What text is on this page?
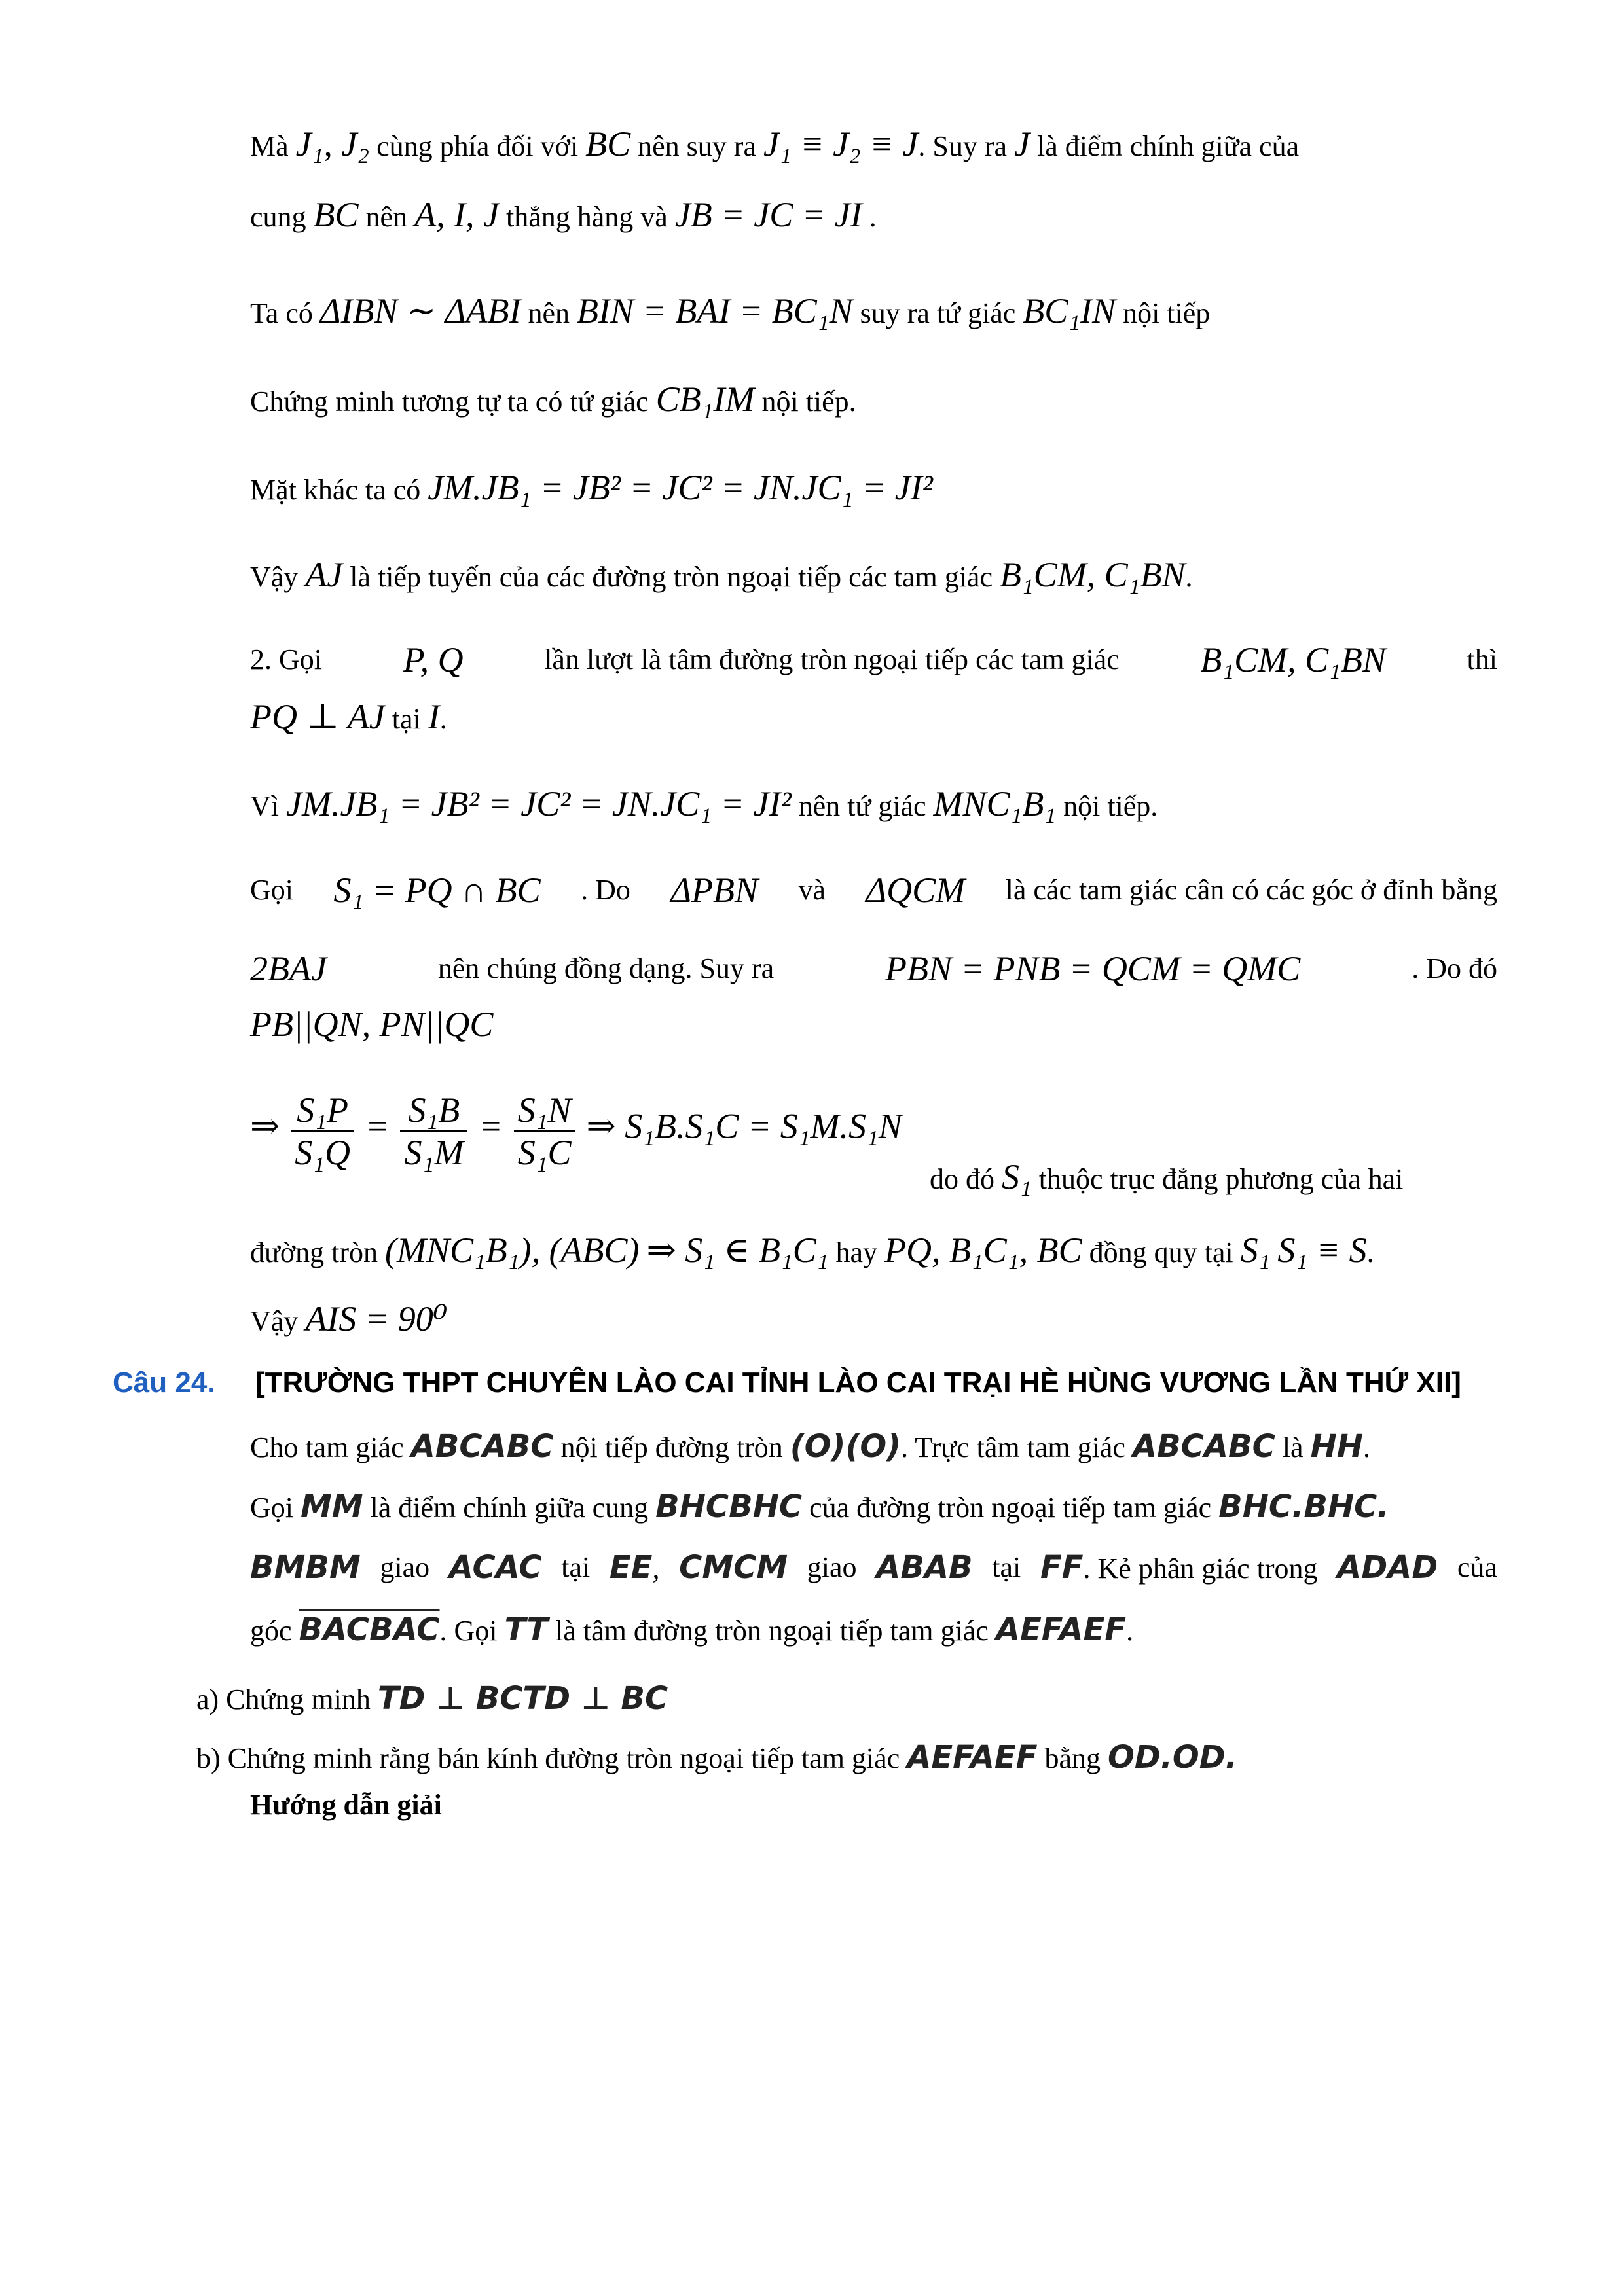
Mà J₁, J₂ cùng phía đối với BC nên suy ra J₁ ≡ J₂ ≡ J. Suy ra J là điểm chính giữa của
cung BC nên A, I, J thẳng hàng và JB = JC = JI .
Ta có ΔIBN ∼ ΔABI nên BIN = BAI = BC₁N suy ra tứ giác BC₁IN nội tiếp
Chứng minh tương tự ta có tứ giác CB₁IM nội tiếp.
Mặt khác ta có JM.JB₁ = JB² = JC² = JN.JC₁ = JI²
Vậy AJ là tiếp tuyến của các đường tròn ngoại tiếp các tam giác B₁CM, C₁BN.
2. Gọi P, Q	lần lượt là tâm đường tròn ngoại tiếp các tam giác B₁CM, C₁BN	thì
PQ ⊥ AJ tại I.
Vì JM.JB₁ = JB² = JC² = JN.JC₁ = JI² nên tứ giác MNC₁B₁ nội tiếp.
Gọi S₁ = PQ ∩ BC . Do ΔPBN và ΔQCM là các tam giác cân có các góc ở đỉnh bằng
2BAJ	nên chúng đồng dạng. Suy ra	PBN = PNB = QCM = QMC	. Do đó
PB||QN, PN||QC
⇒ $\frac{\text{S₁P}}{\text{S₁Q}} = \frac{\text{S₁B}}{\text{S₁M}} = \frac{\text{S₁N}}{\text{S₁C}}$ ⇒ S₁B.S₁C = S₁M.S₁N
do đó S₁ thuộc trục đẳng phương của hai
đường tròn (MNC₁B₁), (ABC) ⇒ S₁ ∈ B₁C₁ hay PQ, B₁C₁, BC đồng quy tại S₁ S₁ ≡ S.
Vậy AIS = 90⁰
Câu 24. [TRƯỜNG THPT CHUYÊN LÀO CAI TỈNH LÀO CAI TRẠI HÈ HÙNG VƯƠNG LẦN THỨ XII]
Cho tam giác ABCABC nội tiếp đường tròn (O)(O). Trực tâm tam giác ABCABC là HH.
Gọi MM là điểm chính giữa cung BHCBHC của đường tròn ngoại tiếp tam giác BHC.BHC.
BMBM giao ACAC tại EE, CMCM giao ABAB tại FF. Kẻ phân giác trong ADAD của
góc BACBAC. Gọi TT là tâm đường tròn ngoại tiếp tam giác AEFAEF.
a) Chứng minh TD ⊥ BCTD ⊥ BC
b) Chứng minh rằng bán kính đường tròn ngoại tiếp tam giác AEFAEF bằng OD.OD.
Hướng dẫn giải
